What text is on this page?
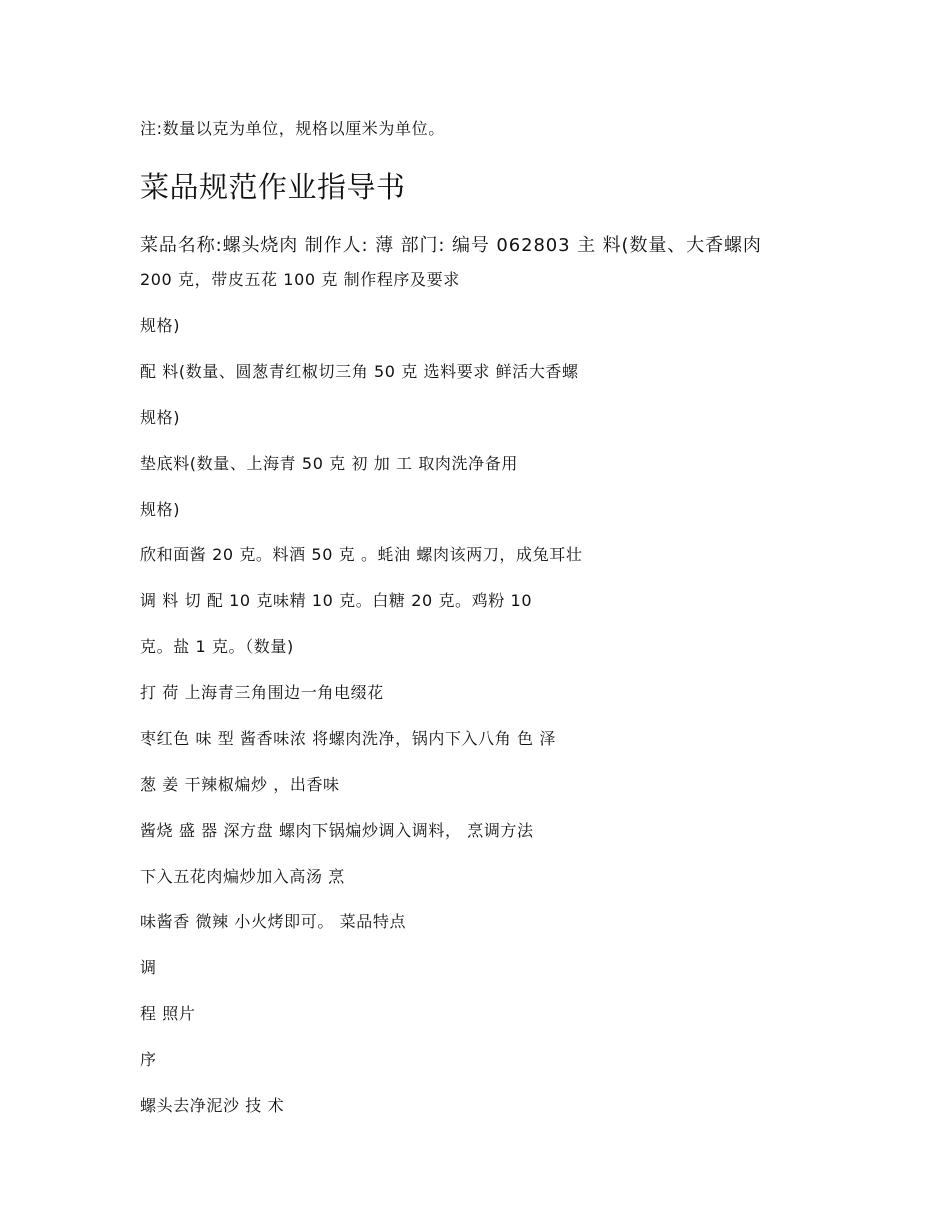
注:数量以克为单位，规格以厘米为单位。
菜品规范作业指导书
菜品名称:螺头烧肉 制作人: 薄 部门: 编号 062803 主 料(数量、大香螺肉
200 克，带皮五花 100 克 制作程序及要求
规格)
配 料(数量、圆葱青红椒切三角 50 克 选料要求 鲜活大香螺
规格)
垫底料(数量、上海青 50 克 初 加 工 取肉洗净备用
规格)
欣和面酱 20 克。料酒 50 克 。蚝油 螺肉该两刀，成兔耳壮
调 料 切 配 10 克味精 10 克。白糖 20 克。鸡粉 10
克。盐 1 克。（数量)
打 荷 上海青三角围边一角电缀花
枣红色 味 型 酱香味浓 将螺肉洗净，锅内下入八角 色 泽
葱 姜 干辣椒煸炒 ，出香味
酱烧 盛 器 深方盘 螺肉下锅煸炒调入调料， 烹调方法
下入五花肉煸炒加入高汤 烹
味酱香 微辣 小火烤即可。 菜品特点
调
程 照片
序
螺头去净泥沙 技 术
